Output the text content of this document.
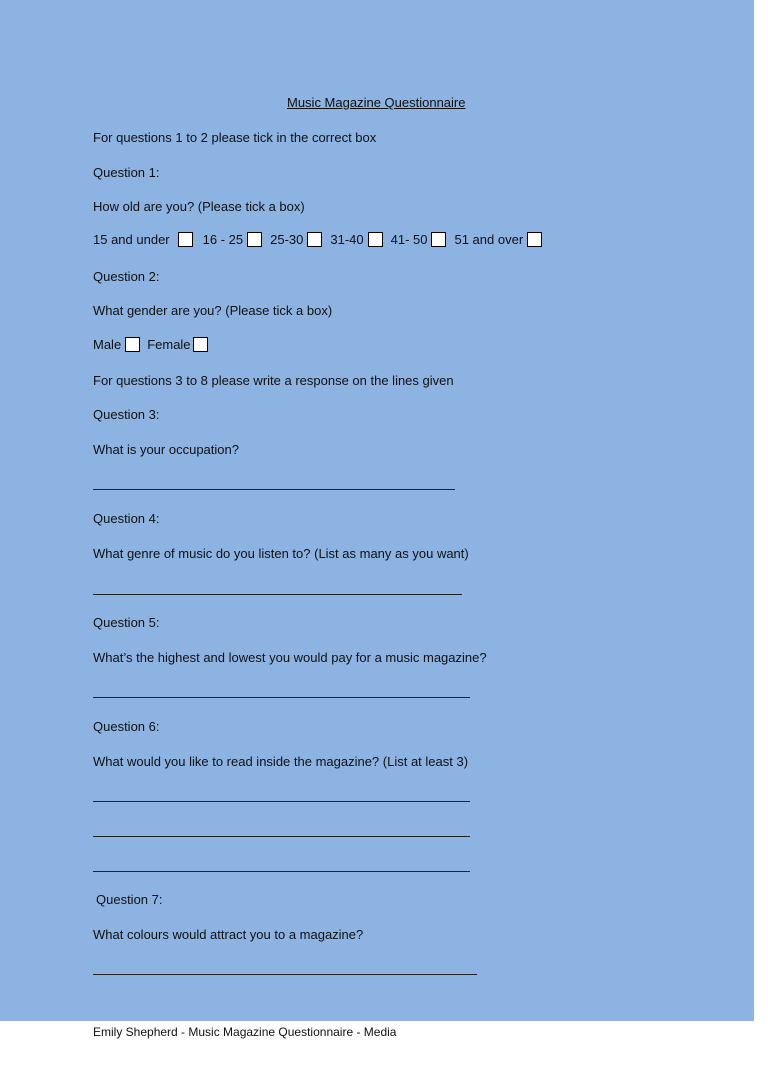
Music Magazine Questionnaire
For questions 1 to 2 please tick in the correct box
Question 1:
How old are you? (Please tick a box)
15 and under	16 - 25 25-30 31-40 41- 50 51 and over
Question 2:
What gender are you? (Please tick a box)
Male Female
For questions 3 to 8 please write a response on the lines given
Question 3:
What is your occupation?
Question 4:
What genre of music do you listen to? (List as many as you want)
Question 5:
What’s the highest and lowest you would pay for a music magazine?
Question 6:
What would you like to read inside the magazine? (List at least 3)
Question 7:
What colours would attract you to a magazine?
Emily Shepherd - Music Magazine Questionnaire - Media
